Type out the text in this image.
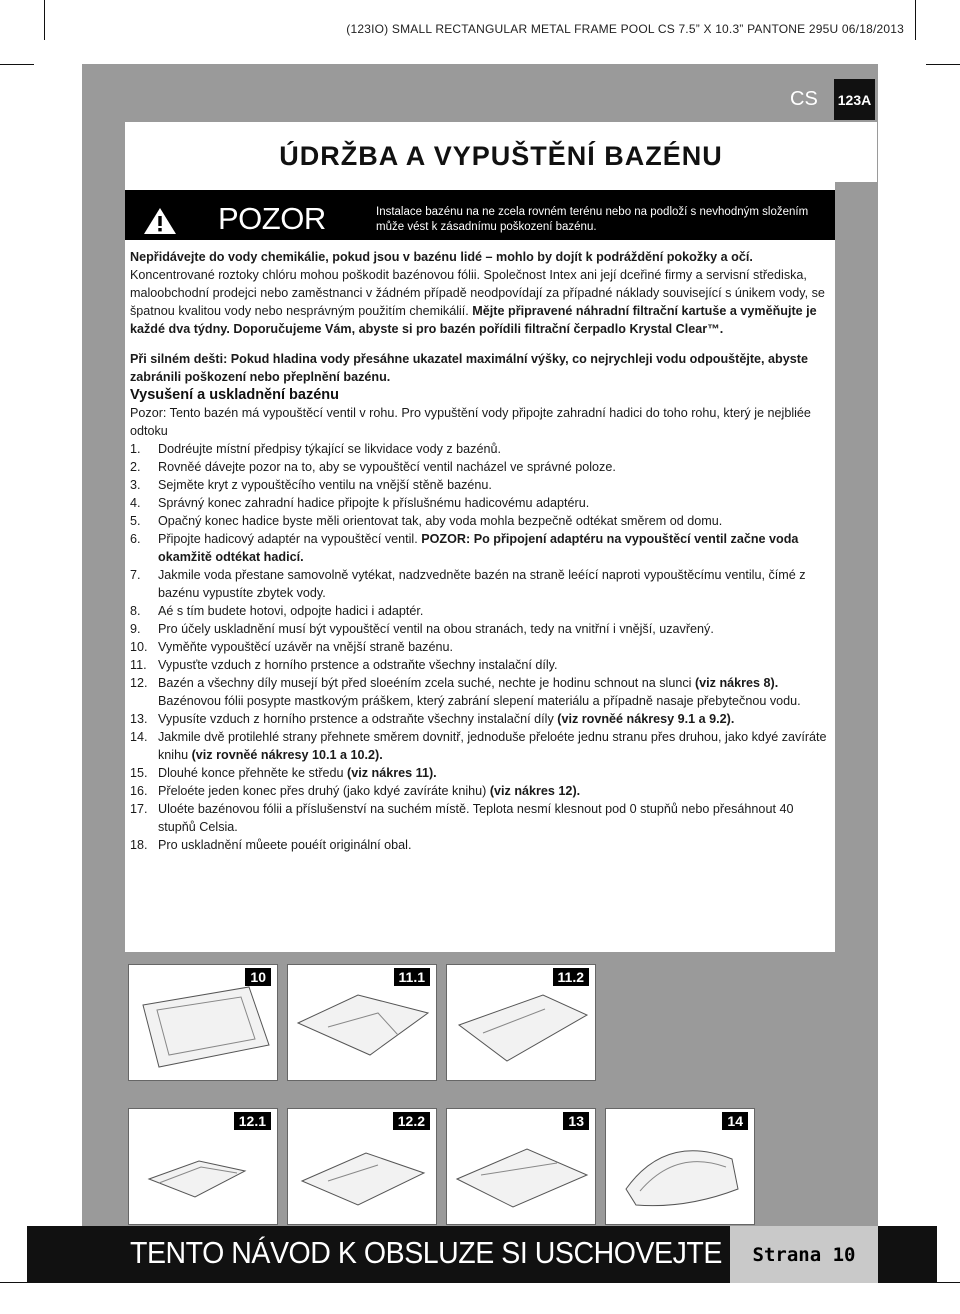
(123IO) SMALL RECTANGULAR METAL FRAME POOL CS 7.5” X 10.3” PANTONE 295U 06/18/2013
CS 123A
ÚDRŽBA A VYPUŠTĚNÍ BAZÉNU
POZOR	Instalace bazénu na ne zcela rovném terénu nebo na podloží s nevhodným složením může vést k zásadnímu poškození bazénu.

Nepřidávejte do vody chemikálie, pokud jsou v bazénu lidé – mohlo by dojít k podráždění pokožky a očí. Koncentrované roztoky chlóru mohou poškodit bazénovou fólii. Společnost Intex ani její dceřiné firmy a servisní střediska, maloobchodní prodejci nebo zaměstnanci v žádném případě neodpovídají za případné náklady související s únikem vody, se špatnou kvalitou vody nebo nesprávným použitím chemikálií. Mějte připravené náhradní filtrační kartuše a vyměňujte je každé dva týdny. Doporučujeme Vám, abyste si pro bazén pořídili filtrační čerpadlo Krystal Clear™.

Při silném dešti: Pokud hladina vody přesáhne ukazatel maximální výšky, co nejrychleji vodu odpouštějte, abyste zabránili poškození nebo přeplnění bazénu.

Vysušení a uskladnění bazénu

Pozor: Tento bazén má vypouštěcí ventil v rohu. Pro vypuštění vody připojte zahradní hadici do toho rohu, který je nejbliée odtoku

1.	Dodréujte místní předpisy týkající se likvidace vody z bazénů.
2.	Rovněé dávejte pozor na to, aby se vypouštěcí ventil nacházel ve správné poloze.
3.	Sejměte kryt z vypouštěcího ventilu na vnější stěně bazénu.
4.	Správný konec zahradní hadice připojte k příslušnému hadicovému adaptéru.
5.	Opačný konec hadice byste měli orientovat tak, aby voda mohla bezpečně odtékat směrem od domu.
6.	Připojte hadicový adaptér na vypouštěcí ventil. POZOR: Po připojení adaptéru na vypouštěcí ventil začne voda okamžitě odtékat hadicí.
7.	Jakmile voda přestane samovolně vytékat, nadzvedněte bazén na straně leéící naproti vypouštěcímu ventilu, čímé z bazénu vypustíte zbytek vody.
8.	Aé s tím budete hotovi, odpojte hadici i adaptér.
9.	Pro účely uskladnění musí být vypouštěcí ventil na obou stranách, tedy na vnitřní i vnější, uzavřený.
10. Vyměňte vypouštěcí uzávěr na vnější straně bazénu.
11. Vypusťte vzduch z horního prstence a odstraňte všechny instalační díly.
12. Bazén a všechny díly musejí být před sloeéním zcela suché, nechte je hodinu schnout na slunci (viz nákres 8). Bazénovou fólii posypte mastkovým práškem, který zabrání slepení materiálu a případně nasaje přebytečnou vodu.
13. Vypusíte vzduch z horního prstence a odstraňte všechny instalační díly (viz rovněé nákresy 9.1 a 9.2).
14. Jakmile dvě protilehlé strany přehnete směrem dovnitř, jednoduše přeloéte jednu stranu přes druhou, jako kdyé zavíráte knihu (viz rovněé nákresy 10.1 a 10.2).
15. Dlouhé konce přehněte ke středu (viz nákres 11).
16. Přeloéte jeden konec přes druhý (jako kdyé zavíráte knihu) (viz nákres 12).
17. Uloéte bazénovou fólii a příslušenství na suchém místě. Teplota nesmí klesnout pod 0 stupňů nebo přesáhnout 40 stupňů Celsia.
18. Pro uskladnění můeete pouéít originální obal.
10	11.1	11.2
12.1	12.2	13	14
TENTO NÁVOD K OBSLUZE SI USCHOVEJTE Strana 10
